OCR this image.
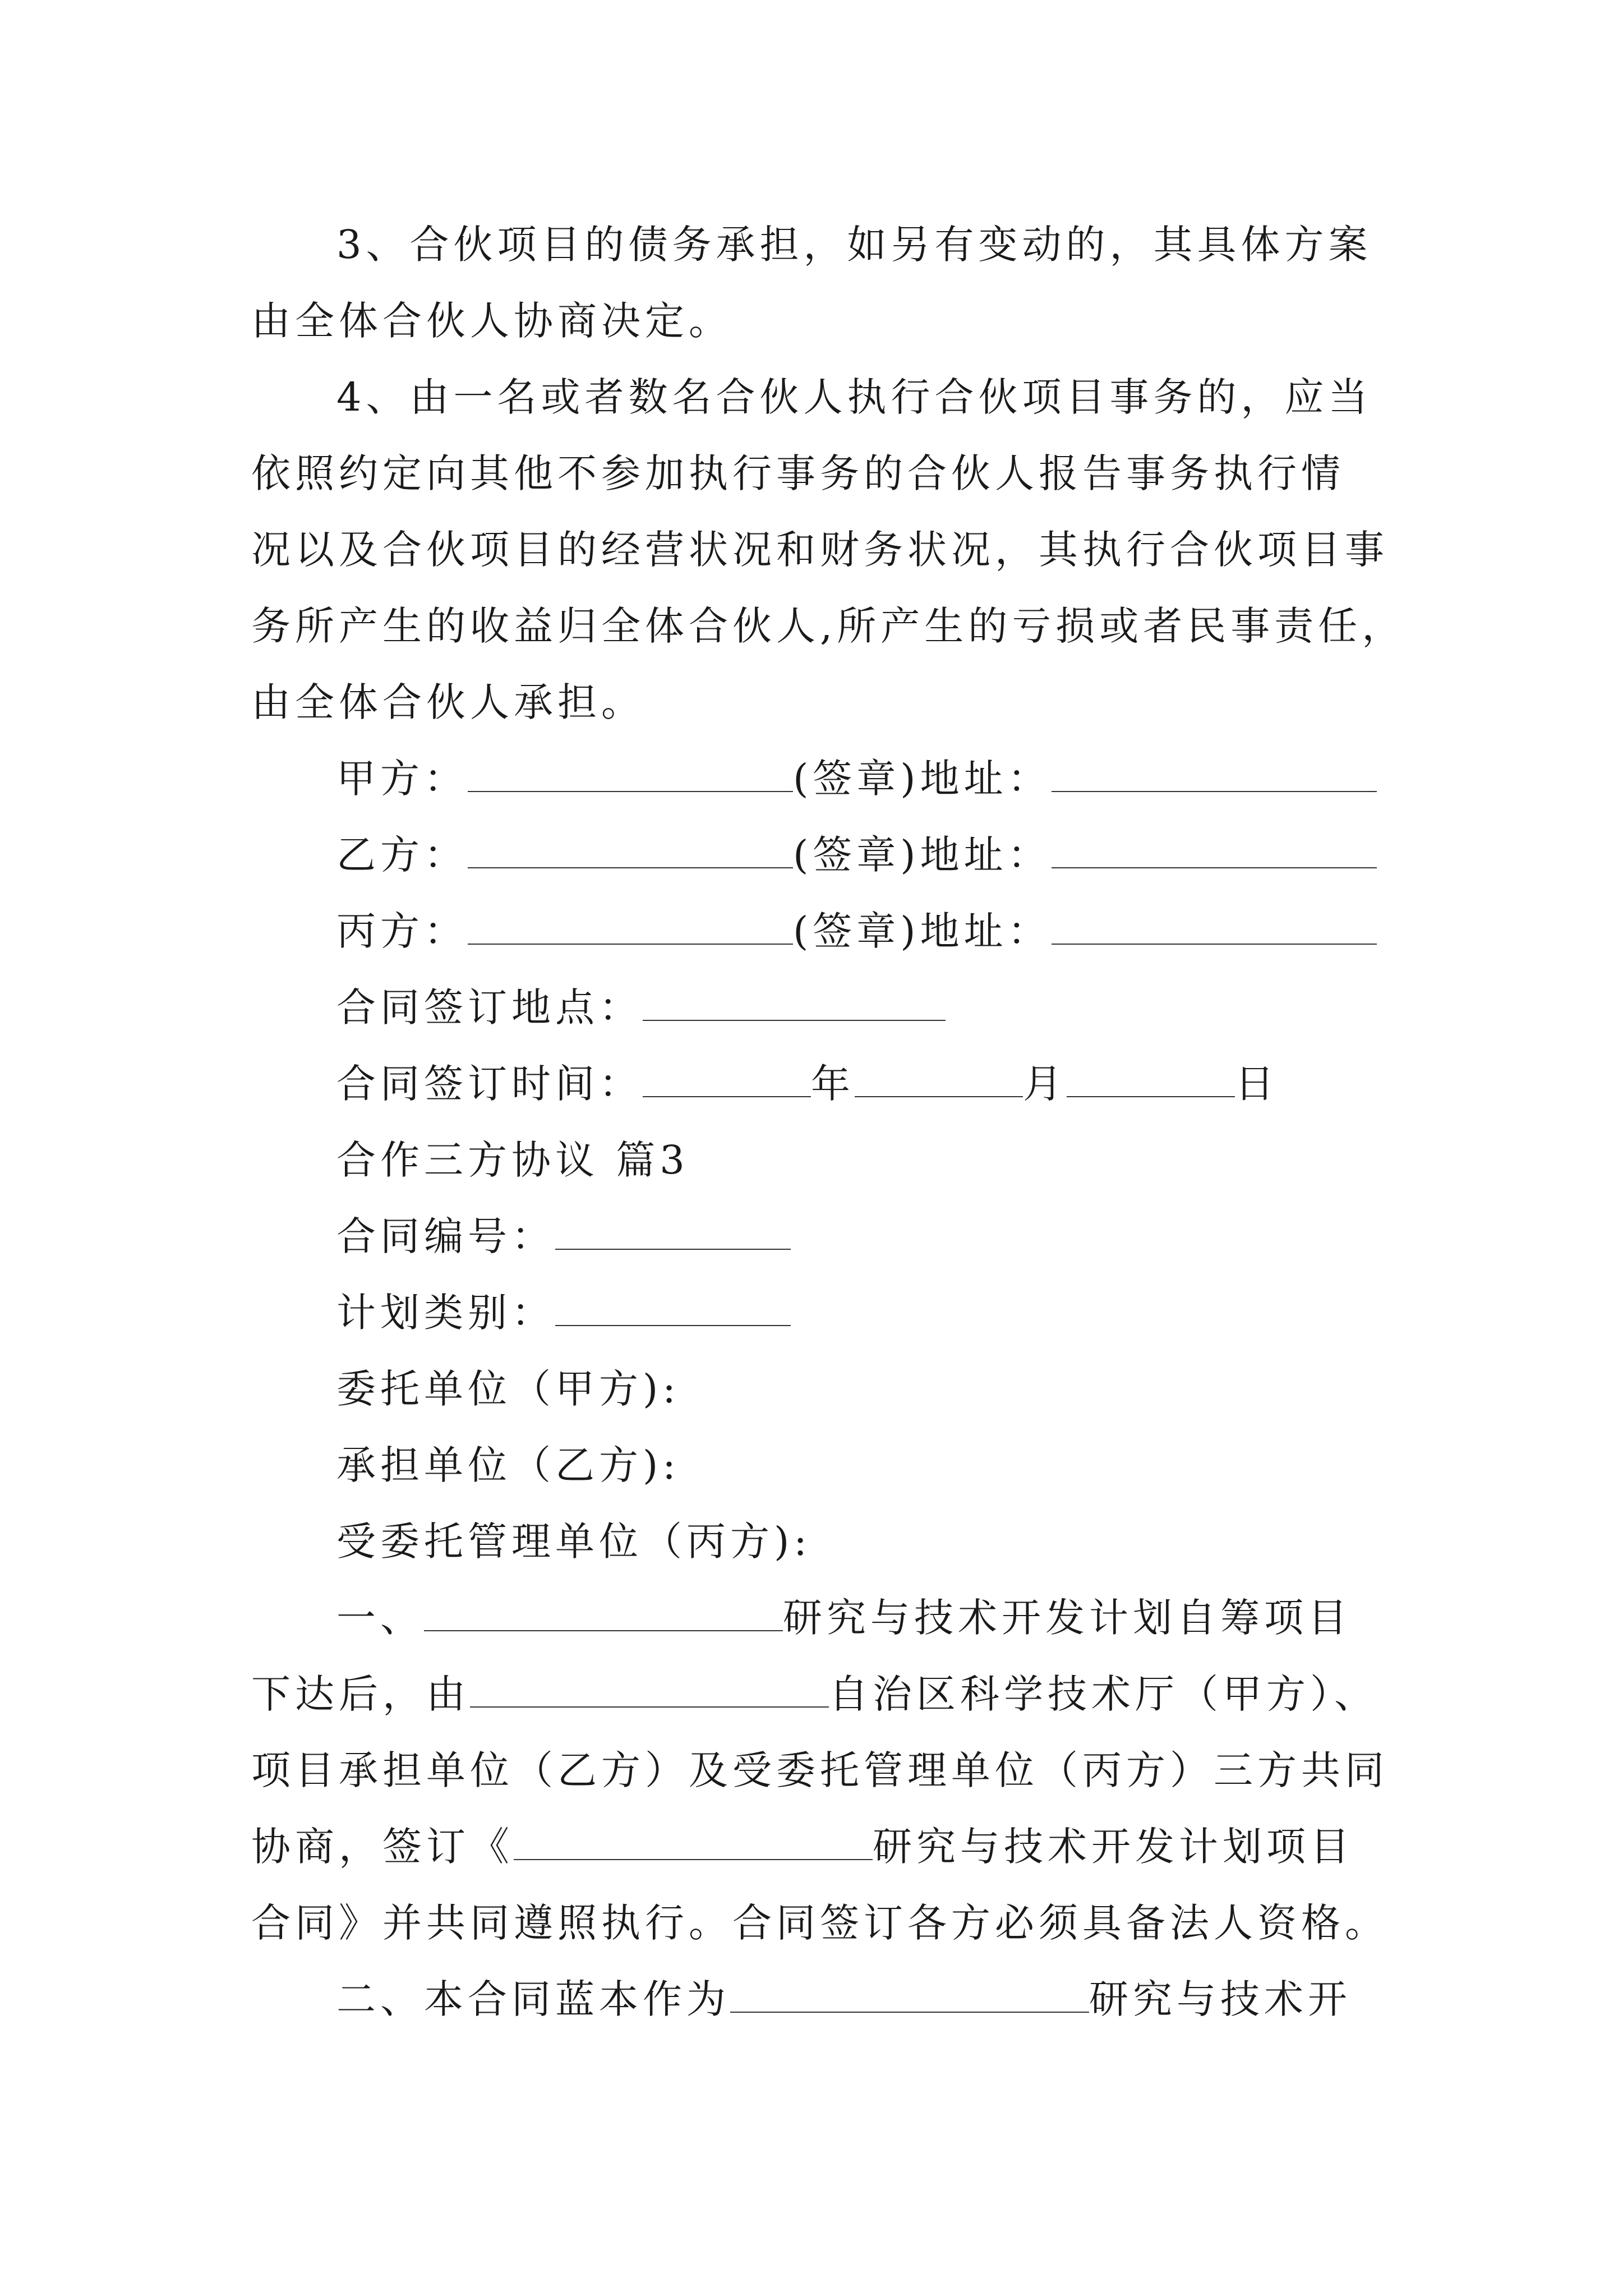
3、合伙项目的债务承担，如另有变动的，其具体方案
由全体合伙人协商决定。
4、由一名或者数名合伙人执行合伙项目事务的，应当
依照约定向其他不参加执行事务的合伙人报告事务执行情
况以及合伙项目的经营状况和财务状况，其执行合伙项目事
务所产生的收益归全体合伙人,所产生的亏损或者民事责任，
由全体合伙人承担。
甲方：	(签章)地址：
乙方：	(签章)地址：
丙方：	(签章)地址：
合同签订地点：
合同签订时间：	年	月	日
合作三方协议 篇3
合同编号：
计划类别：
委托单位（甲方):
承担单位（乙方):
受委托管理单位（丙方):
一、	研究与技术开发计划自筹项目
下达后，由	自治区科学技术厅（甲方）、
项目承担单位（乙方）及受委托管理单位（丙方）三方共同
协商，签订《	研究与技术开发计划项目
合同》并共同遵照执行。合同签订各方必须具备法人资格。
二、本合同蓝本作为	研究与技术开
